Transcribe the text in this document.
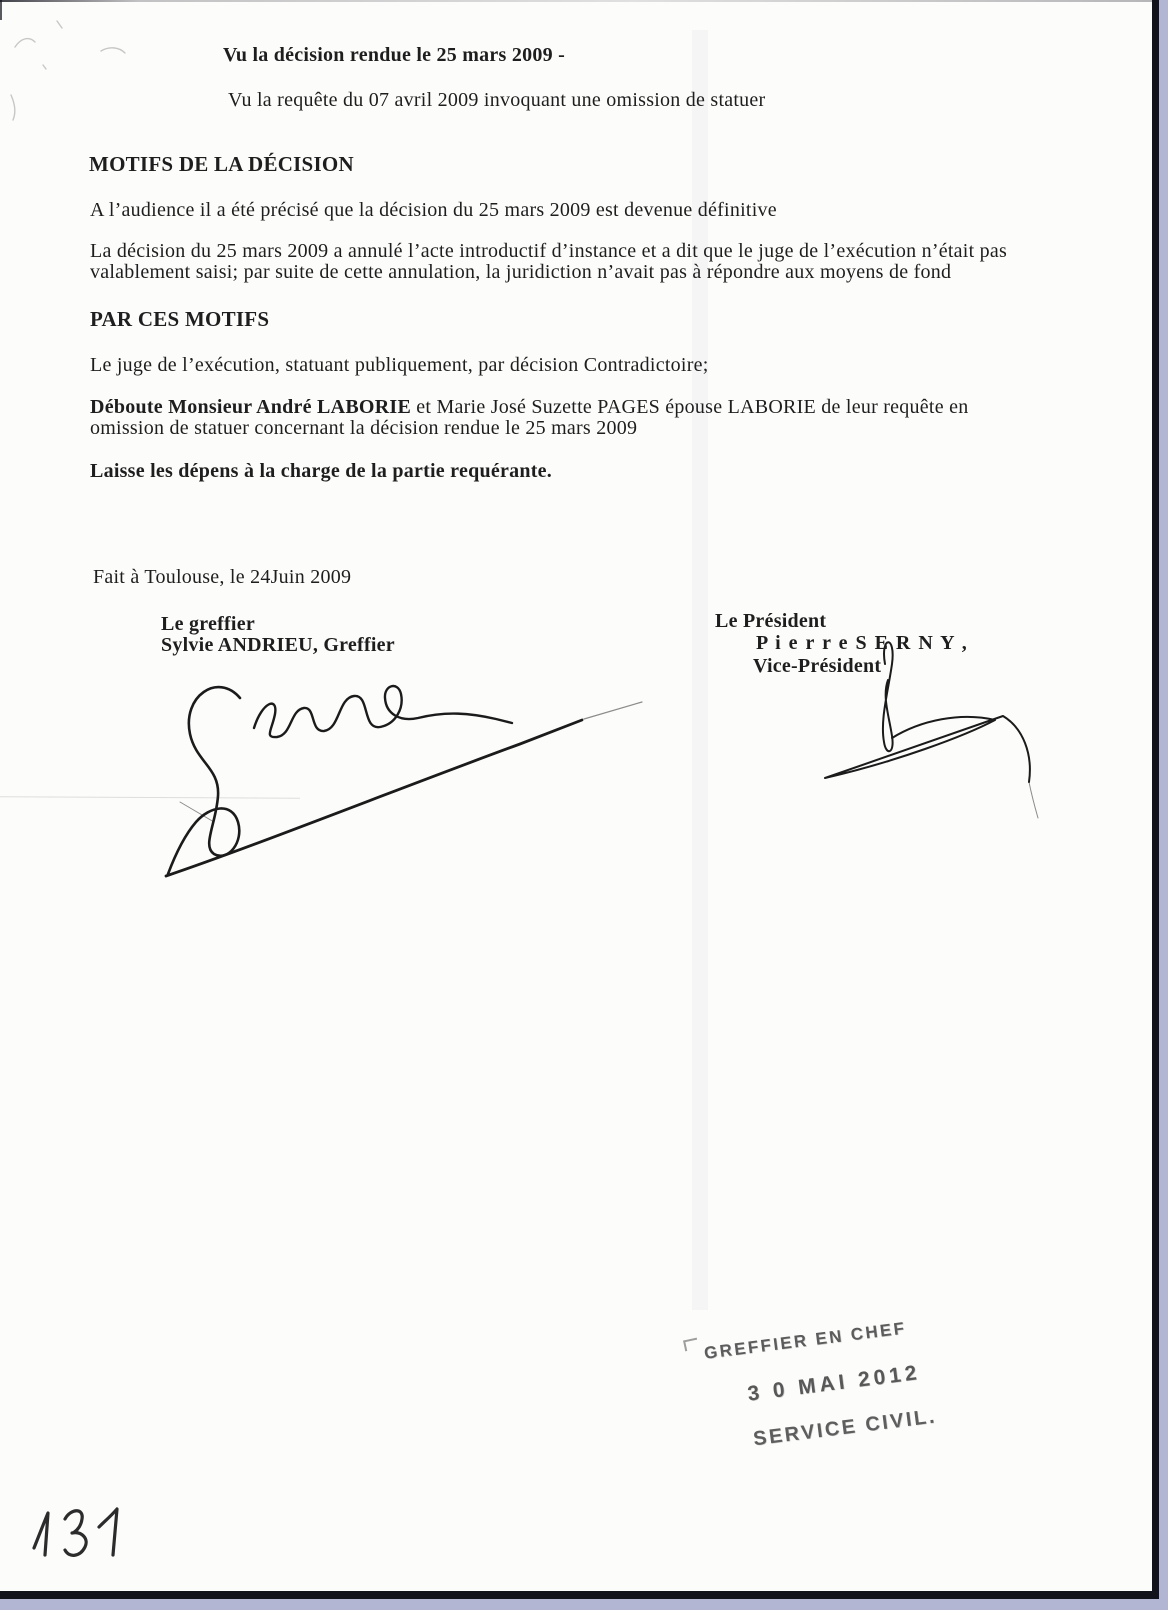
Vu la décision rendue le 25 mars 2009 -
Vu la requête du 07 avril 2009 invoquant une omission de statuer
MOTIFS DE LA DÉCISION
A l’audience il a été précisé que la décision du 25 mars 2009 est devenue définitive
La décision du 25 mars 2009 a annulé l’acte introductif d’instance et a dit que le juge de l’exécution n’était pas
valablement saisi; par suite de cette annulation, la juridiction n’avait pas à répondre aux moyens de fond
PAR CES MOTIFS
Le juge de l’exécution, statuant publiquement, par décision Contradictoire;
Déboute Monsieur André LABORIE et Marie José Suzette PAGES épouse LABORIE de leur requête en
omission de statuer concernant la décision rendue le 25 mars 2009
Laisse les dépens à la charge de la partie requérante.
Fait à Toulouse, le 24Juin 2009
Le greffier
Sylvie ANDRIEU, Greffier
Le Président
P i e r r e S E R N Y ,
Vice-Président
GREFFIER EN CHEF
3 0 MAI 2012
SERVICE CIVIL.
